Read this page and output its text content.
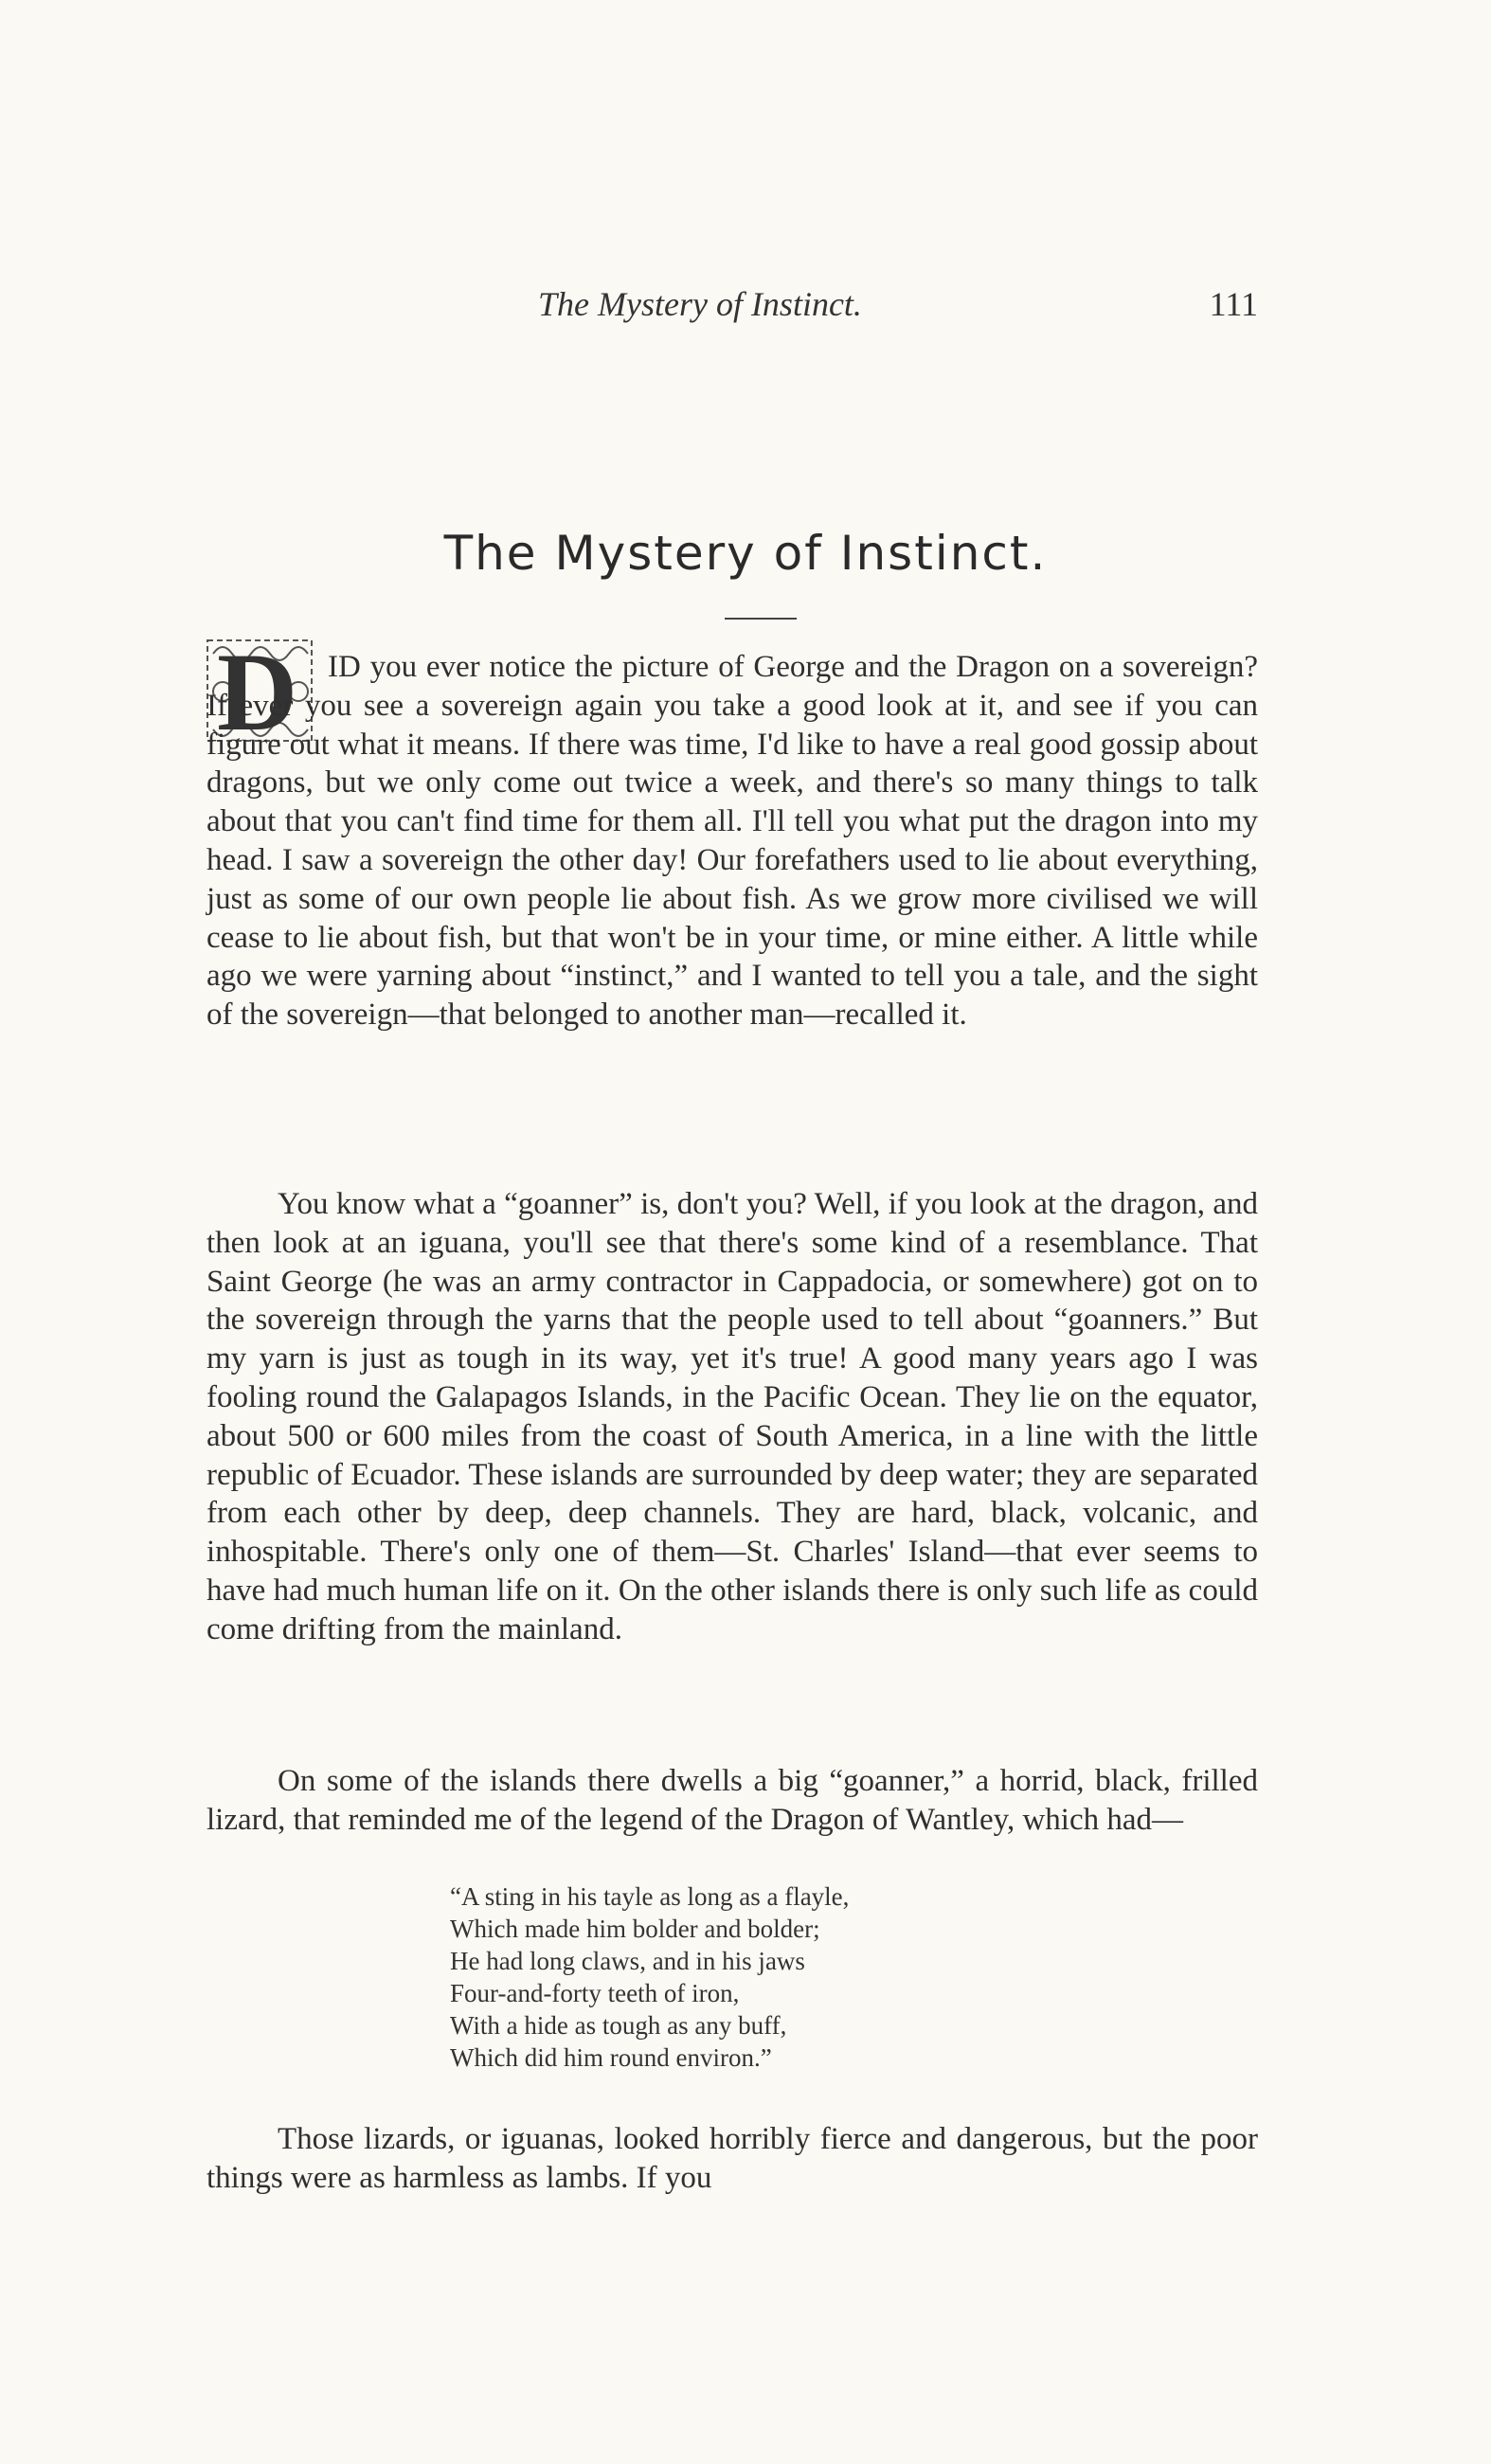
The Mystery of Instinct.	111
The Mystery of Instinct.
D ID you ever notice the picture of George and the Dragon on a sovereign? If ever you see a sovereign again you take a good look at it, and see if you can figure out what it means. If there was time, I'd like to have a real good gossip about dragons, but we only come out twice a week, and there's so many things to talk about that you can't find time for them all. I'll tell you what put the dragon into my head. I saw a sovereign the other day! Our forefathers used to lie about everything, just as some of our own people lie about fish. As we grow more civilised we will cease to lie about fish, but that won't be in your time, or mine either. A little while ago we were yarning about “instinct,” and I wanted to tell you a tale, and the sight of the sovereign—that belonged to another man—recalled it.

You know what a “goanner” is, don't you? Well, if you look at the dragon, and then look at an iguana, you'll see that there's some kind of a resemblance. That Saint George (he was an army contractor in Cappadocia, or somewhere) got on to the sovereign through the yarns that the people used to tell about “goanners.” But my yarn is just as tough in its way, yet it's true! A good many years ago I was fooling round the Galapagos Islands, in the Pacific Ocean. They lie on the equator, about 500 or 600 miles from the coast of South America, in a line with the little republic of Ecuador. These islands are surrounded by deep water; they are separated from each other by deep, deep channels. They are hard, black, volcanic, and inhospitable. There's only one of them—St. Charles' Island—that ever seems to have had much human life on it. On the other islands there is only such life as could come drifting from the mainland.

On some of the islands there dwells a big “goanner,” a horrid, black, frilled lizard, that reminded me of the legend of the Dragon of Wantley, which had—

“A sting in his tayle as long as a flayle,
Which made him bolder and bolder;
He had long claws, and in his jaws
Four-and-forty teeth of iron,
With a hide as tough as any buff,
Which did him round environ.”

Those lizards, or iguanas, looked horribly fierce and dangerous, but the poor things were as harmless as lambs. If you
